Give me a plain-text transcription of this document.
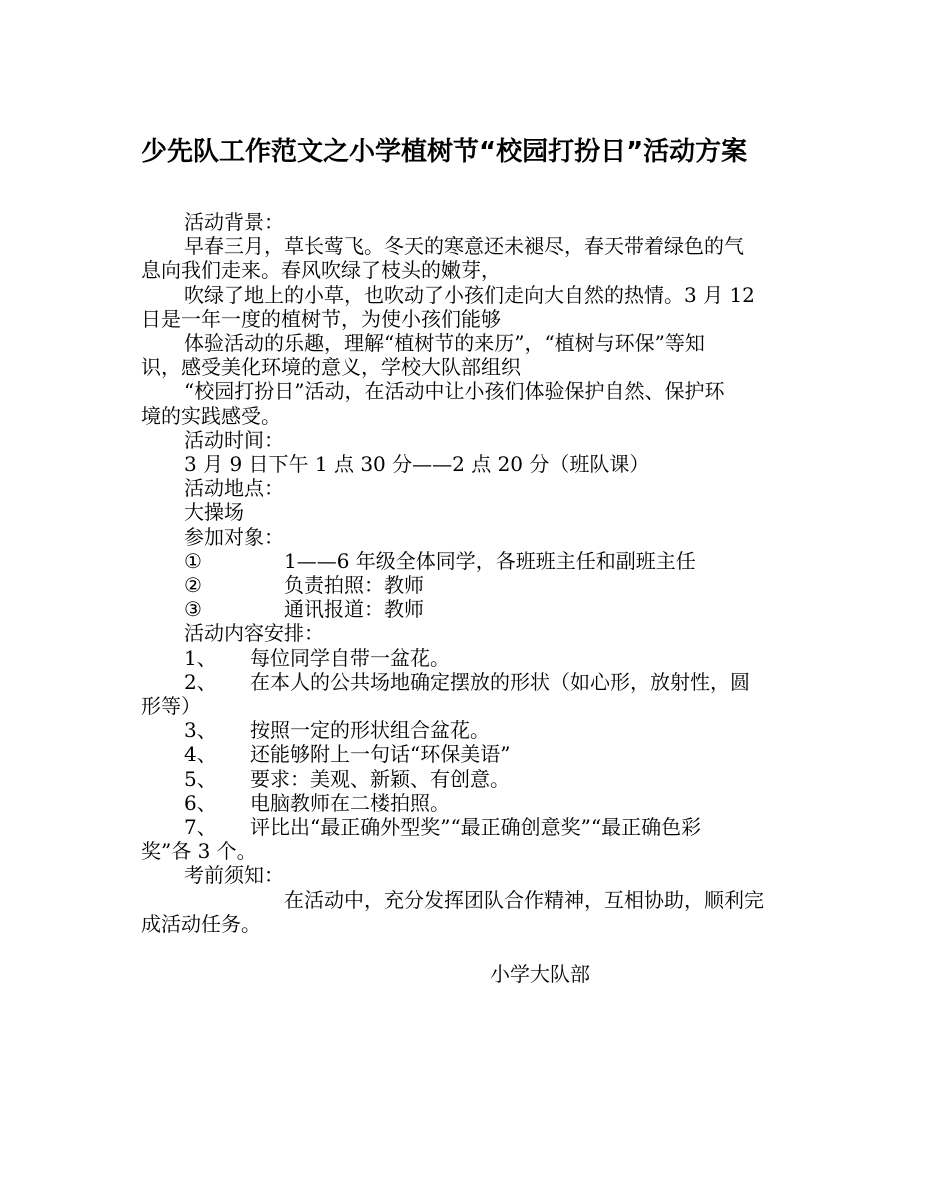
少先队工作范文之小学植树节“校园打扮日”活动方案
活动背景：
早春三月，草长莺飞。冬天的寒意还未褪尽，春天带着绿色的气
息向我们走来。春风吹绿了枝头的嫩芽，
吹绿了地上的小草，也吹动了小孩们走向大自然的热情。3 月 12
日是一年一度的植树节，为使小孩们能够
体验活动的乐趣，理解“植树节的来历”，“植树与环保”等知
识，感受美化环境的意义，学校大队部组织
“校园打扮日”活动，在活动中让小孩们体验保护自然、保护环
境的实践感受。
活动时间：
3 月 9 日下午 1 点 30 分——2 点 20 分（班队课）
活动地点：
大操场
参加对象：
①	1——6 年级全体同学，各班班主任和副班主任
②	负责拍照：教师
③	通讯报道：教师
活动内容安排：
1、	每位同学自带一盆花。
2、	在本人的公共场地确定摆放的形状（如心形，放射性，圆
形等）
3、	按照一定的形状组合盆花。
4、	还能够附上一句话“环保美语”
5、	要求：美观、新颖、有创意。
6、	电脑教师在二楼拍照。
7、	评比出“最正确外型奖”“最正确创意奖”“最正确色彩
奖”各 3 个。
考前须知：
在活动中，充分发挥团队合作精神，互相协助，顺利完
成活动任务。
小学大队部
